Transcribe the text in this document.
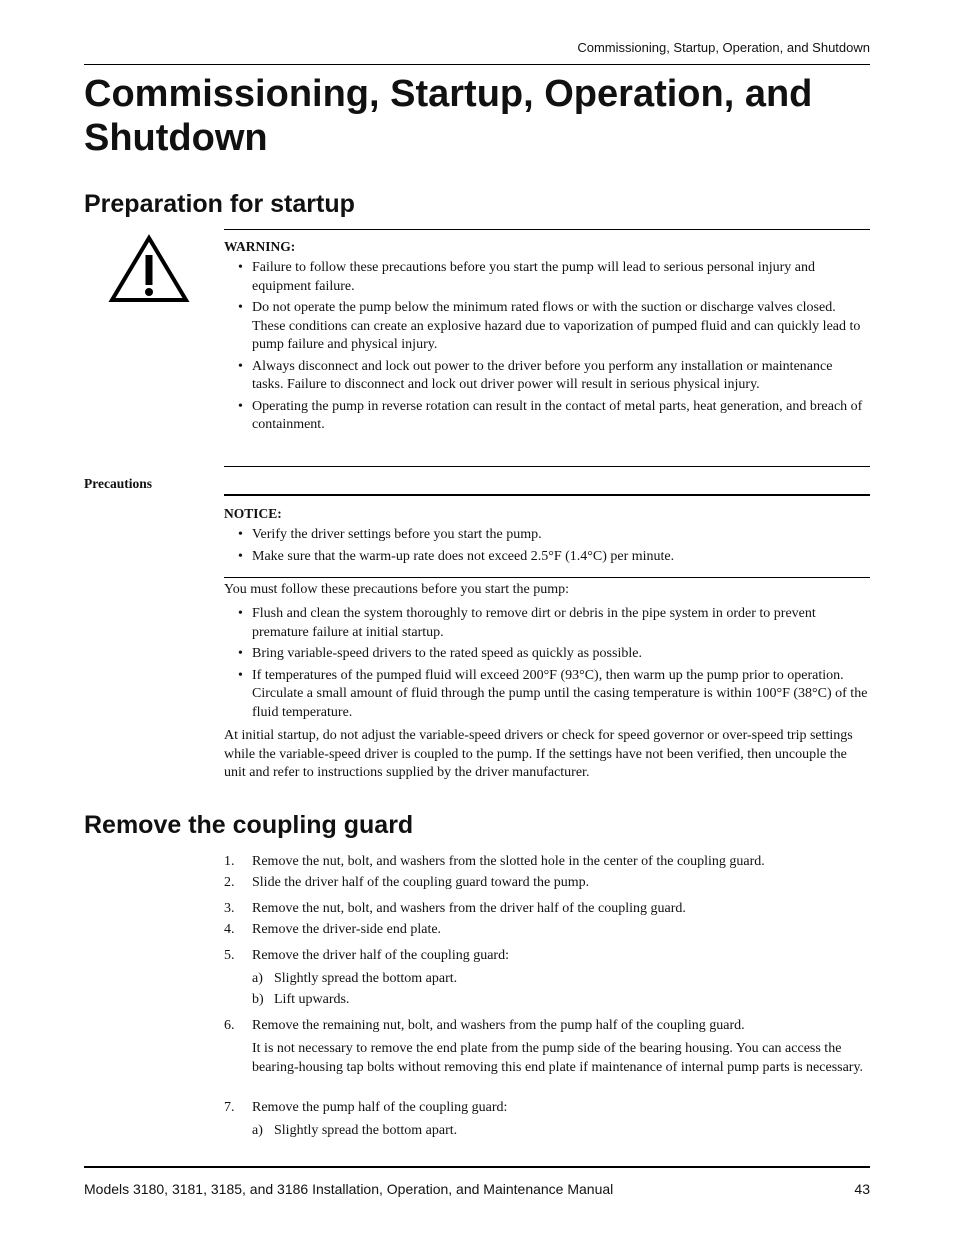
Commissioning, Startup, Operation, and Shutdown
Commissioning, Startup, Operation, and Shutdown
Preparation for startup
WARNING:
• Failure to follow these precautions before you start the pump will lead to serious personal injury and equipment failure.
• Do not operate the pump below the minimum rated flows or with the suction or discharge valves closed. These conditions can create an explosive hazard due to vaporization of pumped fluid and can quickly lead to pump failure and physical injury.
• Always disconnect and lock out power to the driver before you perform any installation or maintenance tasks. Failure to disconnect and lock out driver power will result in serious physical injury.
• Operating the pump in reverse rotation can result in the contact of metal parts, heat generation, and breach of containment.
Precautions
NOTICE:
• Verify the driver settings before you start the pump.
• Make sure that the warm-up rate does not exceed 2.5°F (1.4°C) per minute.
You must follow these precautions before you start the pump:
• Flush and clean the system thoroughly to remove dirt or debris in the pipe system in order to prevent premature failure at initial startup.
• Bring variable-speed drivers to the rated speed as quickly as possible.
• If temperatures of the pumped fluid will exceed 200°F (93°C), then warm up the pump prior to operation. Circulate a small amount of fluid through the pump until the casing temperature is within 100°F (38°C) of the fluid temperature.
At initial startup, do not adjust the variable-speed drivers or check for speed governor or over-speed trip settings while the variable-speed driver is coupled to the pump. If the settings have not been verified, then uncouple the unit and refer to instructions supplied by the driver manufacturer.
Remove the coupling guard
1. Remove the nut, bolt, and washers from the slotted hole in the center of the coupling guard.
2. Slide the driver half of the coupling guard toward the pump.
3. Remove the nut, bolt, and washers from the driver half of the coupling guard.
4. Remove the driver-side end plate.
5. Remove the driver half of the coupling guard:
a) Slightly spread the bottom apart.
b) Lift upwards.
6. Remove the remaining nut, bolt, and washers from the pump half of the coupling guard.
It is not necessary to remove the end plate from the pump side of the bearing housing. You can access the bearing-housing tap bolts without removing this end plate if maintenance of internal pump parts is necessary.
7. Remove the pump half of the coupling guard:
a) Slightly spread the bottom apart.
Models 3180, 3181, 3185, and 3186 Installation, Operation, and Maintenance Manual	43
